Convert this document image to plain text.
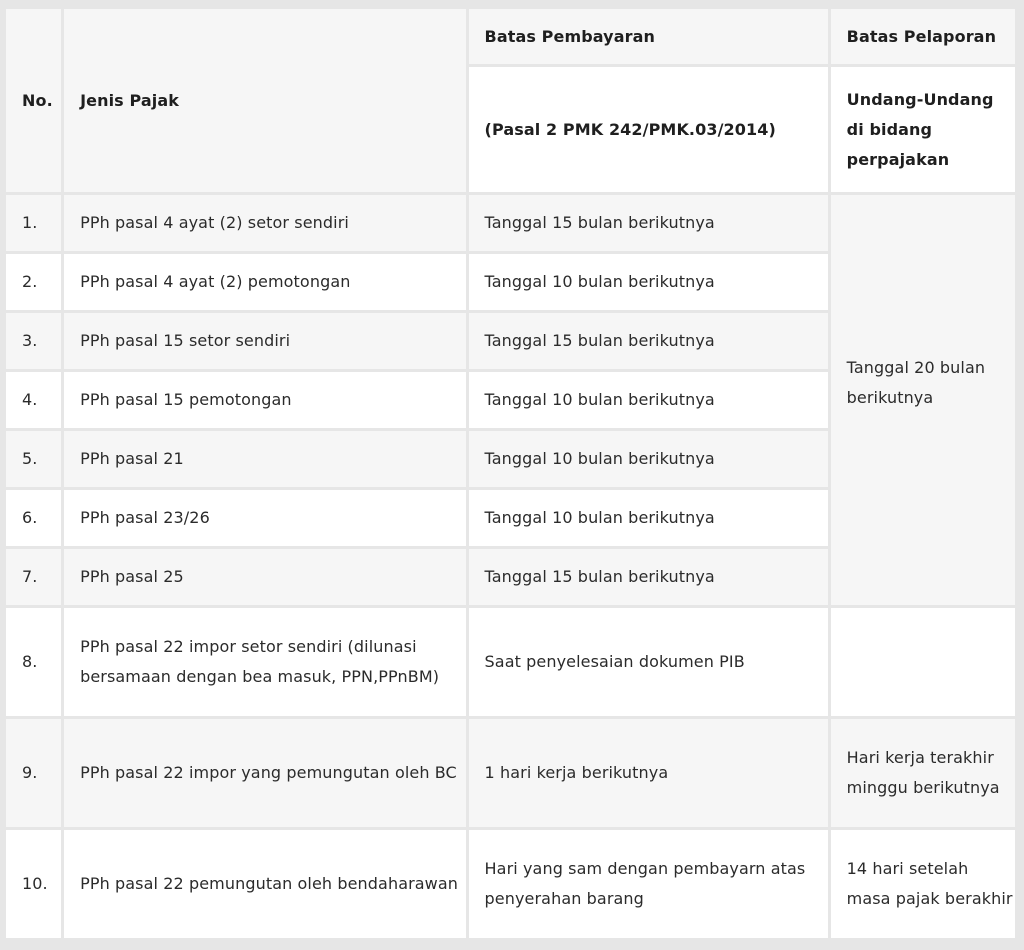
No.	Jenis Pajak	Batas Pembayaran	Batas Pelaporan
		(Pasal 2 PMK 242/PMK.03/2014)	Undang-Undang di bidang perpajakan
1.	PPh pasal 4 ayat (2) setor sendiri	Tanggal 15 bulan berikutnya	Tanggal 20 bulan berikutnya
2.	PPh pasal 4 ayat (2) pemotongan	Tanggal 10 bulan berikutnya	
3.	PPh pasal 15 setor sendiri	Tanggal 15 bulan berikutnya	
4.	PPh pasal 15 pemotongan	Tanggal 10 bulan berikutnya	
5.	PPh pasal 21	Tanggal 10 bulan berikutnya	
6.	PPh pasal 23/26	Tanggal 10 bulan berikutnya	
7.	PPh pasal 25	Tanggal 15 bulan berikutnya	
8.	PPh pasal 22 impor setor sendiri (dilunasi bersamaan dengan bea masuk, PPN,PPnBM)	Saat penyelesaian dokumen PIB	
9.	PPh pasal 22 impor yang pemungutan oleh BC	1 hari kerja berikutnya	Hari kerja terakhir minggu berikutnya
10.	PPh pasal 22 pemungutan oleh bendaharawan	Hari yang sam dengan pembayarn atas penyerahan barang	14 hari setelah masa pajak berakhir
